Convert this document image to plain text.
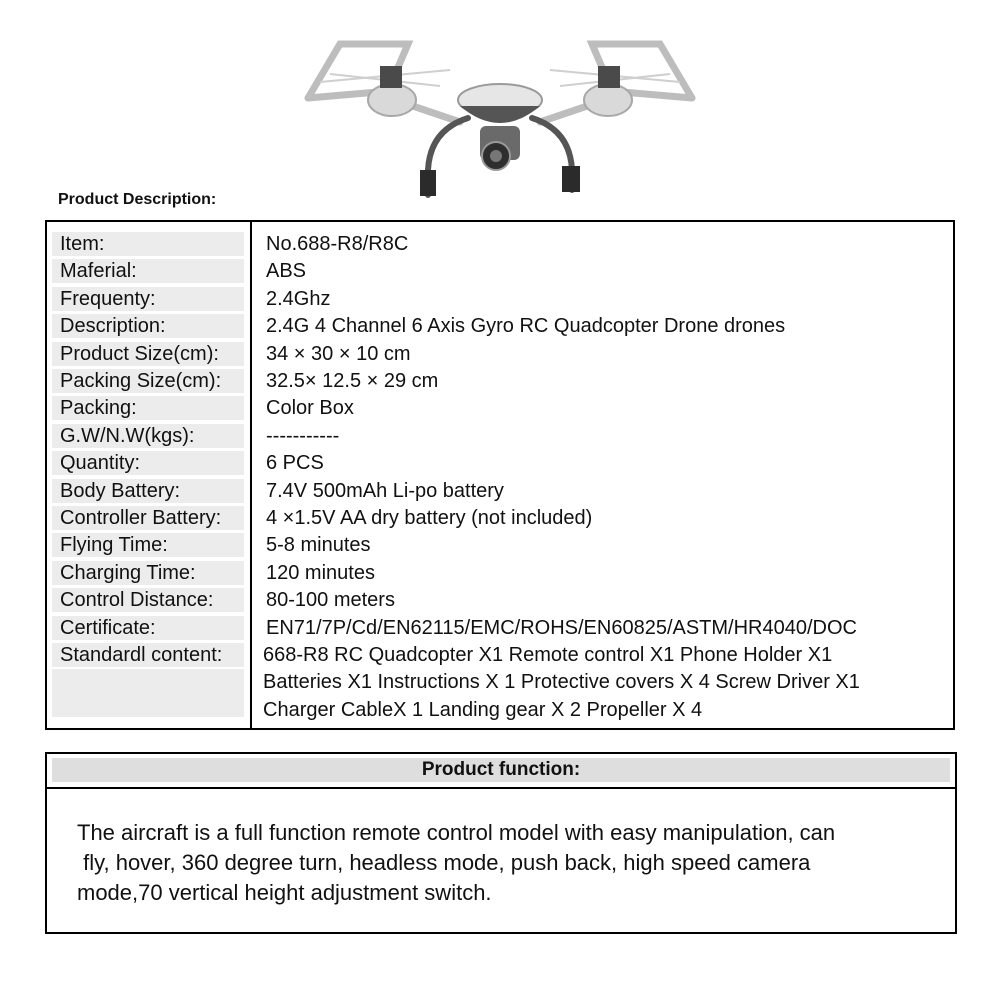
Product Description:
Item:	No.688-R8/R8C
Maferial:	ABS
Frequenty:	2.4Ghz
Description:	2.4G 4 Channel 6 Axis Gyro RC Quadcopter Drone drones
Product Size(cm):	34 × 30 × 10 cm
Packing Size(cm):	32.5× 12.5 × 29 cm
Packing:	Color Box
G.W/N.W(kgs):	-----------
Quantity:	6 PCS
Body Battery:	7.4V 500mAh Li-po battery
Controller Battery:	4 ×1.5V AA dry battery (not included)
Flying Time:	5-8 minutes
Charging Time:	120 minutes
Control Distance:	80-100 meters
Certificate:	EN71/7P/Cd/EN62115/EMC/ROHS/EN60825/ASTM/HR4040/DOC
Standardl content:	668-R8 RC Quadcopter X1 Remote control X1 Phone Holder X1
Batteries X1 Instructions X 1 Protective covers X 4 Screw Driver X1
Charger CableX 1 Landing gear X 2 Propeller X 4
Product function:
The aircraft is a full function remote control model with easy manipulation, can
fly, hover, 360 degree turn, headless mode, push back, high speed camera
mode,70 vertical height adjustment switch.
